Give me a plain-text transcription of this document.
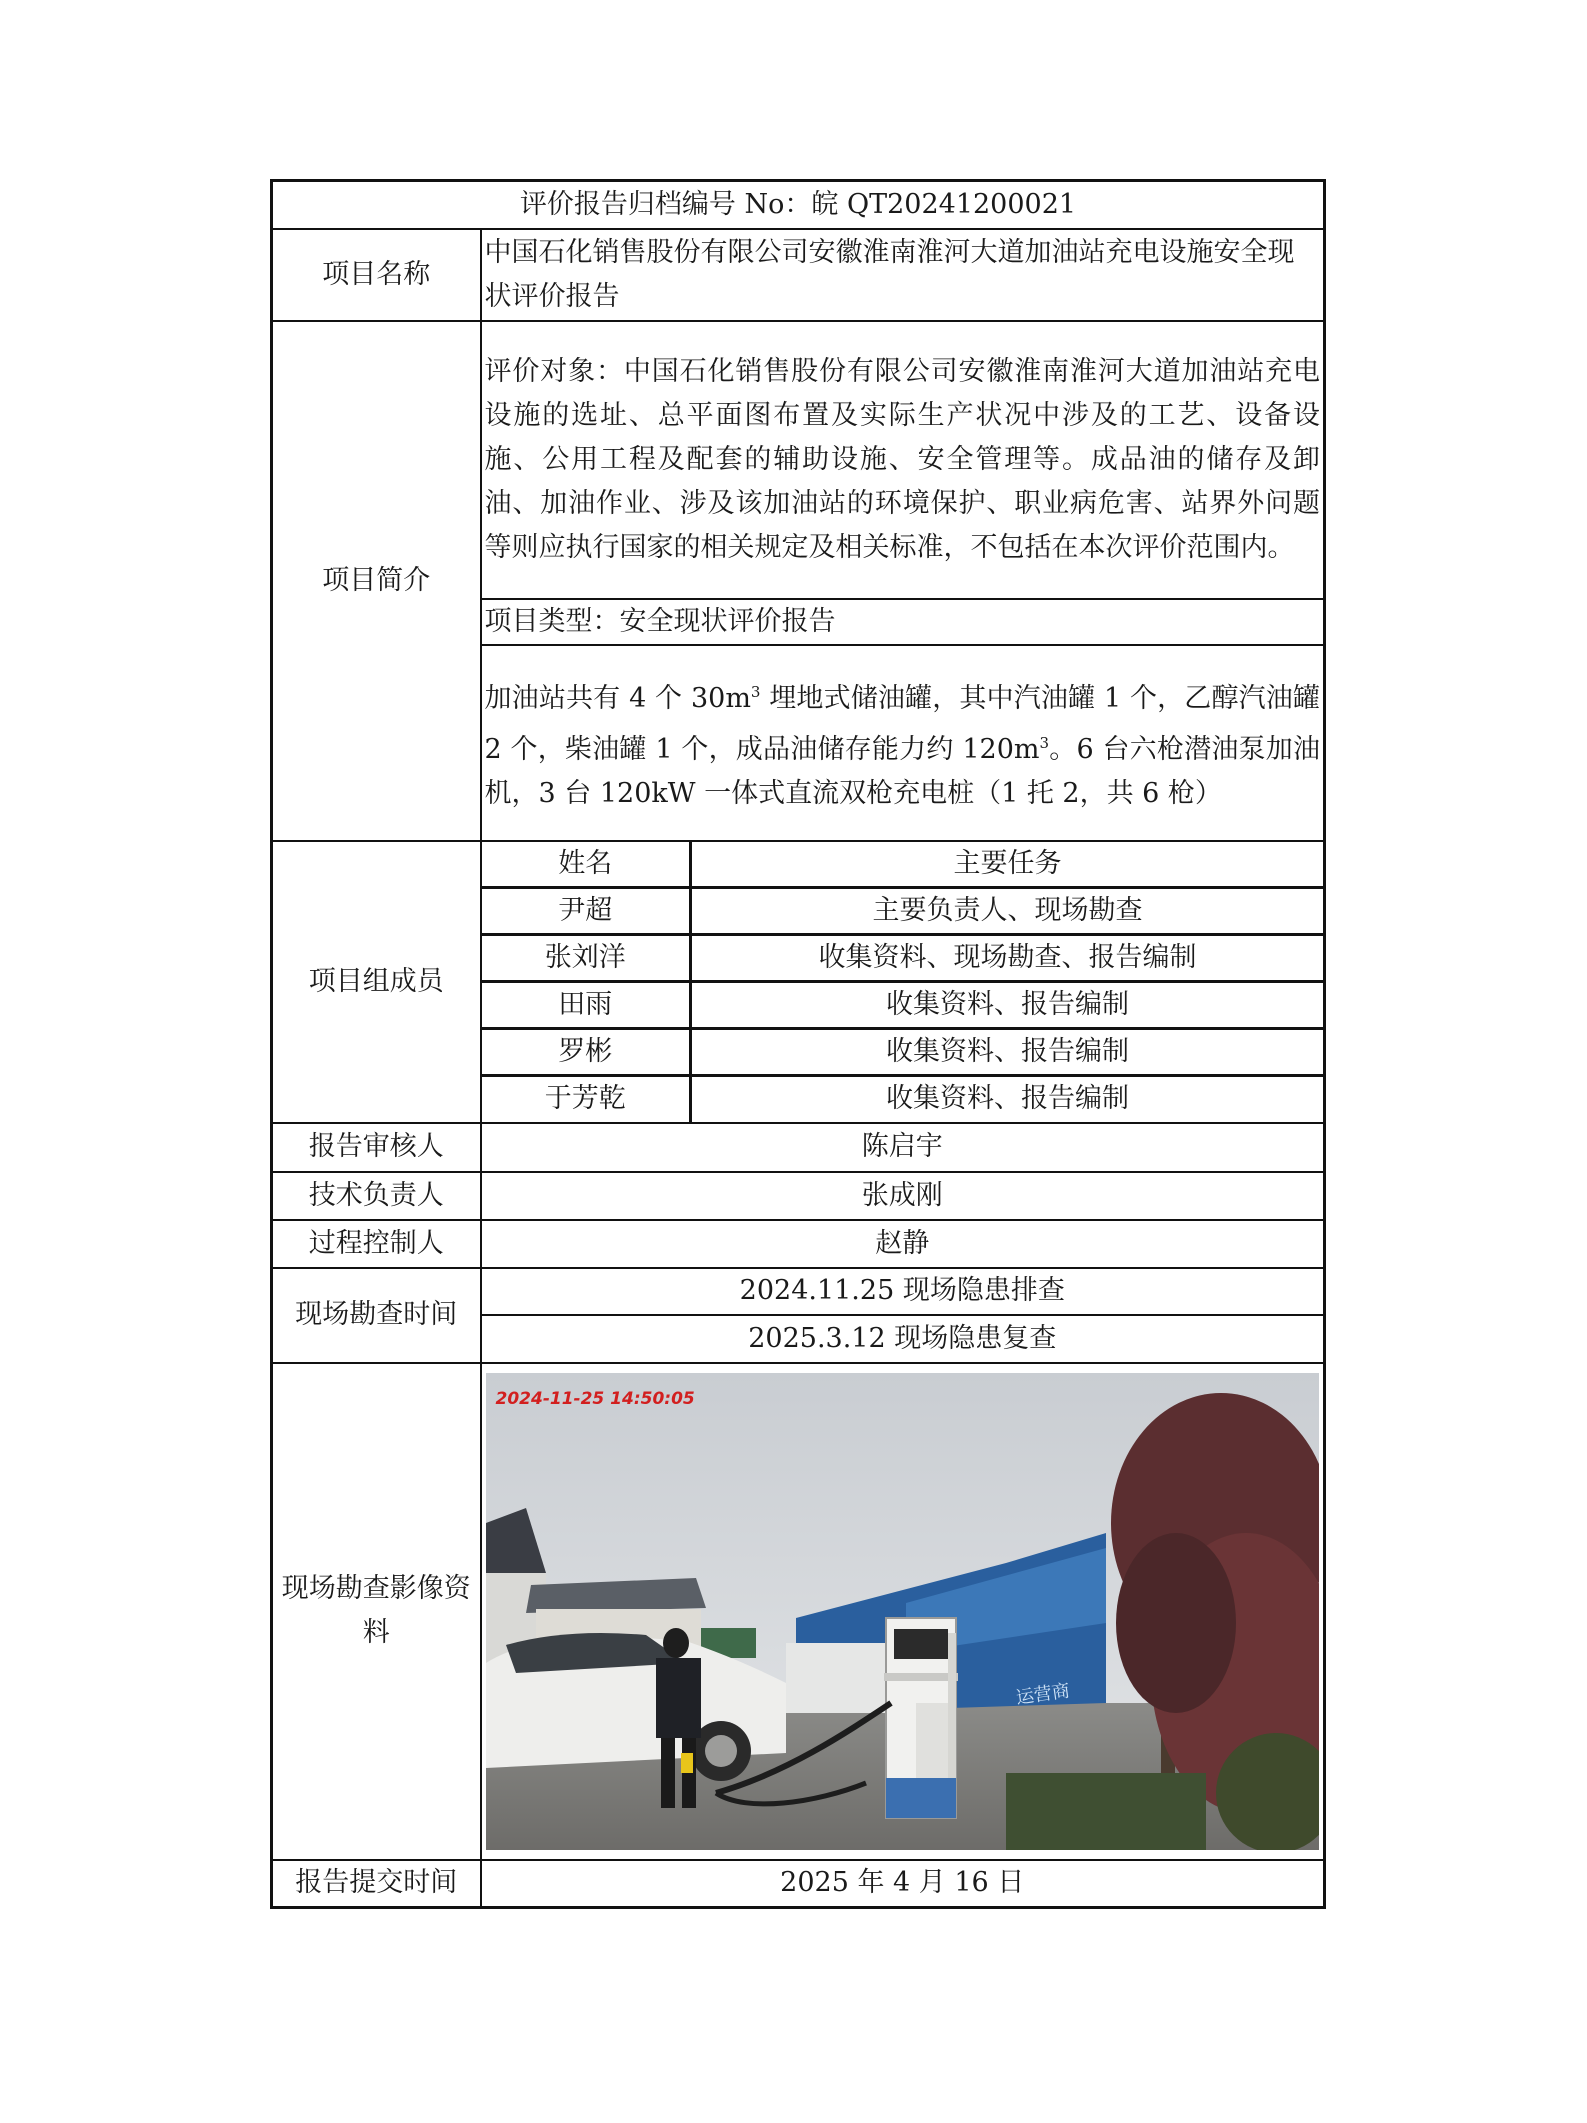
评价报告归档编号 No：皖 QT20241200021
项目名称	中国石化销售股份有限公司安徽淮南淮河大道加油站充电设施安全现状评价报告
项目简介	评价对象：中国石化销售股份有限公司安徽淮南淮河大道加油站充电设施的选址、总平面图布置及实际生产状况中涉及的工艺、设备设施、公用工程及配套的辅助设施、安全管理等。成品油的储存及卸油、加油作业、涉及该加油站的环境保护、职业病危害、站界外问题等则应执行国家的相关规定及相关标准，不包括在本次评价范围内。
项目类型：安全现状评价报告
加油站共有 4 个 $30m^3$ 埋地式储油罐，其中汽油罐 1 个，乙醇汽油罐 2 个，柴油罐 1 个，成品油储存能力约 $120m^3$。6 台六枪潜油泵加油机，3 台 120kW 一体式直流双枪充电桩（1 托 2，共 6 枪）
项目组成员	
姓名	主要任务
尹超	主要负责人、现场勘查
张刘洋	收集资料、现场勘查、报告编制
田雨	收集资料、报告编制
罗彬	收集资料、报告编制
于芳乾	收集资料、报告编制

报告审核人	陈启宇
技术负责人	张成刚
过程控制人	赵静
现场勘查时间	2024.11.25 现场隐患排查
2025.3.12 现场隐患复查
现场勘查影像资料	
2024-11-25 14:50:05
运营商

报告提交时间	2025 年 4 月 16 日
